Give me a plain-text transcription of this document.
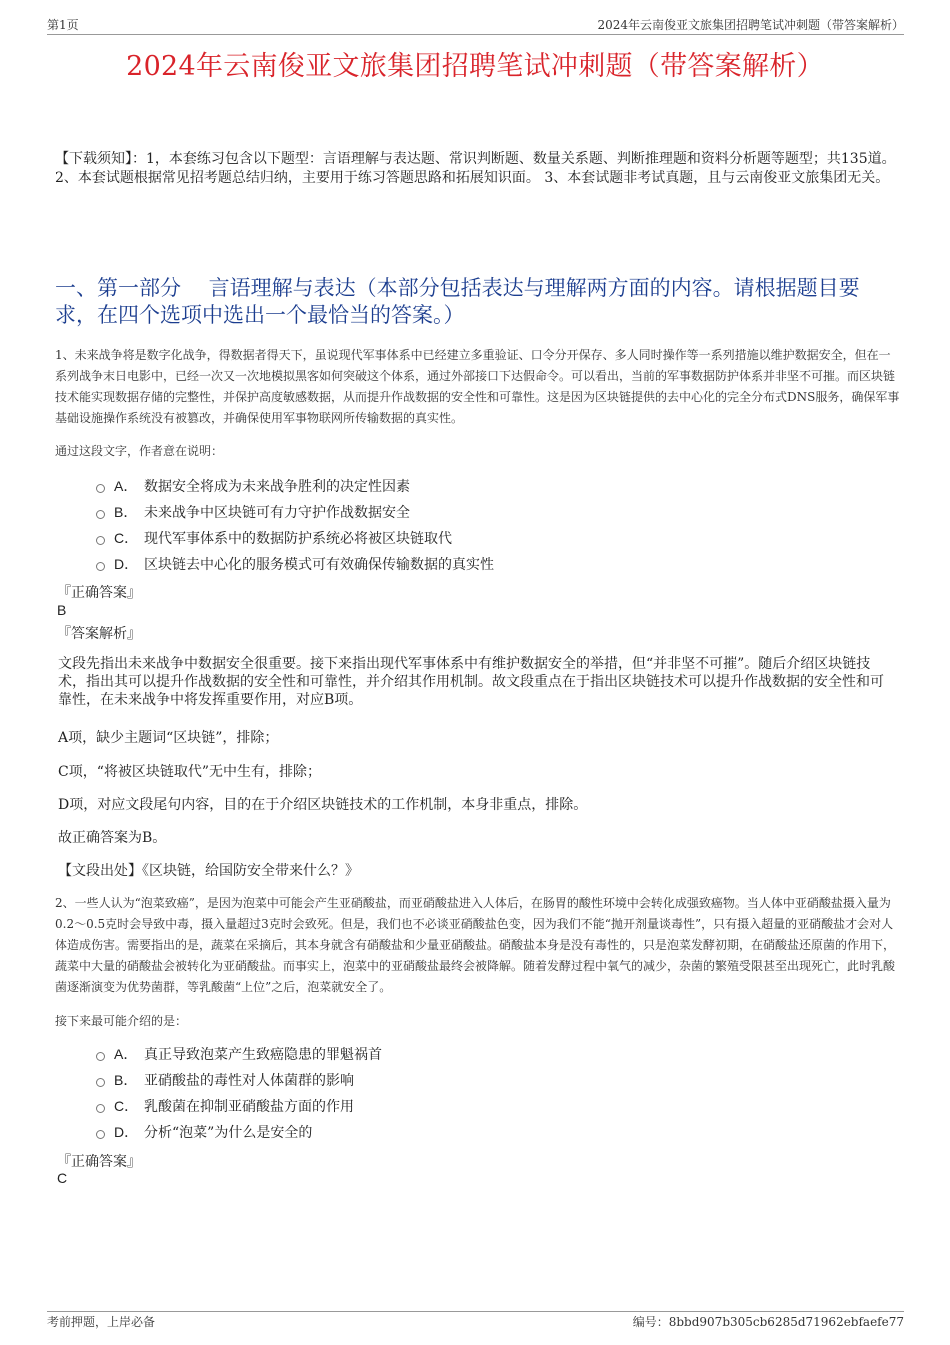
第1页	2024年云南俊亚文旅集团招聘笔试冲刺题（带答案解析）
2024年云南俊亚文旅集团招聘笔试冲刺题（带答案解析）
【下载须知】：1，本套练习包含以下题型：言语理解与表达题、常识判断题、数量关系题、判断推理题和资料分析题等题型；共135道。 2、本套试题根据常见招考题总结归纳，主要用于练习答题思路和拓展知识面。 3、本套试题非考试真题，且与云南俊亚文旅集团无关。
一、第一部分　 言语理解与表达（本部分包括表达与理解两方面的内容。请根据题目要求，在四个选项中选出一个最恰当的答案。）
1、未来战争将是数字化战争，得数据者得天下，虽说现代军事体系中已经建立多重验证、口令分开保存、多人同时操作等一系列措施以维护数据安全，但在一系列战争末日电影中，已经一次又一次地模拟黑客如何突破这个体系，通过外部接口下达假命令。可以看出，当前的军事数据防护体系并非坚不可摧。而区块链技术能实现数据存储的完整性，并保护高度敏感数据，从而提升作战数据的安全性和可靠性。这是因为区块链提供的去中心化的完全分布式DNS服务，确保军事基础设施操作系统没有被篡改，并确保使用军事物联网所传输数据的真实性。
通过这段文字，作者意在说明：
A． 数据安全将成为未来战争胜利的决定性因素
B． 未来战争中区块链可有力守护作战数据安全
C． 现代军事体系中的数据防护系统必将被区块链取代
D． 区块链去中心化的服务模式可有效确保传输数据的真实性
『正确答案』
B
『答案解析』
文段先指出未来战争中数据安全很重要。接下来指出现代军事体系中有维护数据安全的举措，但“并非坚不可摧”。随后介绍区块链技术，指出其可以提升作战数据的安全性和可靠性，并介绍其作用机制。故文段重点在于指出区块链技术可以提升作战数据的安全性和可靠性，在未来战争中将发挥重要作用，对应B项。
A项，缺少主题词“区块链”，排除；
C项，“将被区块链取代”无中生有，排除；
D项，对应文段尾句内容，目的在于介绍区块链技术的工作机制，本身非重点，排除。
故正确答案为B。
【文段出处】《区块链，给国防安全带来什么？》
2、一些人认为“泡菜致癌”，是因为泡菜中可能会产生亚硝酸盐，而亚硝酸盐进入人体后，在肠胃的酸性环境中会转化成强致癌物。当人体中亚硝酸盐摄入量为0.2～0.5克时会导致中毒，摄入量超过3克时会致死。但是，我们也不必谈亚硝酸盐色变，因为我们不能“抛开剂量谈毒性”，只有摄入超量的亚硝酸盐才会对人体造成伤害。需要指出的是，蔬菜在采摘后，其本身就含有硝酸盐和少量亚硝酸盐。硝酸盐本身是没有毒性的，只是泡菜发酵初期，在硝酸盐还原菌的作用下，蔬菜中大量的硝酸盐会被转化为亚硝酸盐。而事实上，泡菜中的亚硝酸盐最终会被降解。随着发酵过程中氧气的减少，杂菌的繁殖受限甚至出现死亡，此时乳酸菌逐渐演变为优势菌群，等乳酸菌“上位”之后，泡菜就安全了。
接下来最可能介绍的是：
A． 真正导致泡菜产生致癌隐患的罪魁祸首
B． 亚硝酸盐的毒性对人体菌群的影响
C． 乳酸菌在抑制亚硝酸盐方面的作用
D． 分析“泡菜”为什么是安全的
『正确答案』
C
考前押题，上岸必备	编号：8bbd907b305cb6285d71962ebfaefe77
